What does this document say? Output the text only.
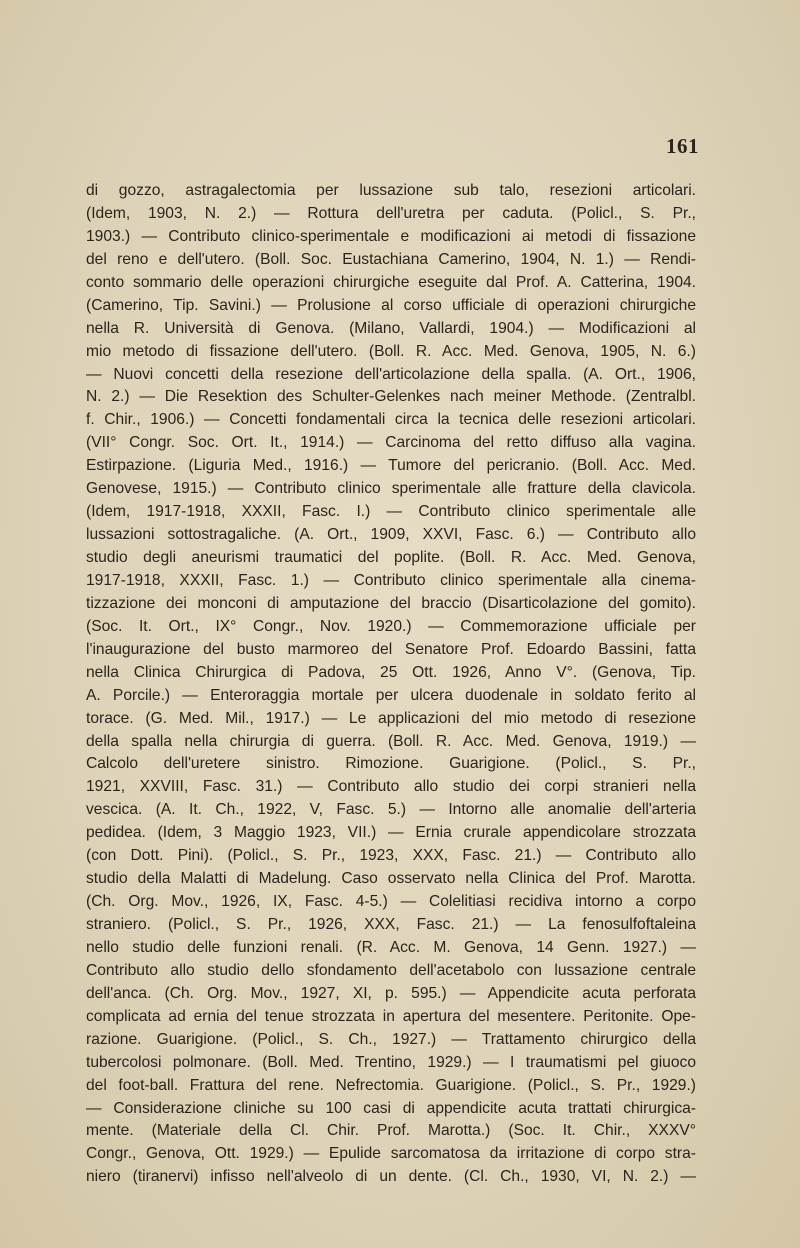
161
di gozzo, astragalectomia per lussazione sub talo, resezioni articolari.
(Idem, 1903, N. 2.) — Rottura dell'uretra per caduta. (Policl., S. Pr.,
1903.) — Contributo clinico-sperimentale e modificazioni ai metodi di fissazione
del reno e dell'utero. (Boll. Soc. Eustachiana Camerino, 1904, N. 1.) — Rendi-
conto sommario delle operazioni chirurgiche eseguite dal Prof. A. Catterina, 1904.
(Camerino, Tip. Savini.) — Prolusione al corso ufficiale di operazioni chirurgiche
nella R. Università di Genova. (Milano, Vallardi, 1904.) — Modificazioni al
mio metodo di fissazione dell'utero. (Boll. R. Acc. Med. Genova, 1905, N. 6.)
— Nuovi concetti della resezione dell'articolazione della spalla. (A. Ort., 1906,
N. 2.) — Die Resektion des Schulter-Gelenkes nach meiner Methode. (Zentralbl.
f. Chir., 1906.) — Concetti fondamentali circa la tecnica delle resezioni articolari.
(VII° Congr. Soc. Ort. It., 1914.) — Carcinoma del retto diffuso alla vagina.
Estirpazione. (Liguria Med., 1916.) — Tumore del pericranio. (Boll. Acc. Med.
Genovese, 1915.) — Contributo clinico sperimentale alle fratture della clavicola.
(Idem, 1917-1918, XXXII, Fasc. I.) — Contributo clinico sperimentale alle
lussazioni sottostragaliche. (A. Ort., 1909, XXVI, Fasc. 6.) — Contributo allo
studio degli aneurismi traumatici del poplite. (Boll. R. Acc. Med. Genova,
1917-1918, XXXII, Fasc. 1.) — Contributo clinico sperimentale alla cinema-
tizzazione dei monconi di amputazione del braccio (Disarticolazione del gomito).
(Soc. It. Ort., IX° Congr., Nov. 1920.) — Commemorazione ufficiale per
l'inaugurazione del busto marmoreo del Senatore Prof. Edoardo Bassini, fatta
nella Clinica Chirurgica di Padova, 25 Ott. 1926, Anno V°. (Genova, Tip.
A. Porcile.) — Enteroraggia mortale per ulcera duodenale in soldato ferito al
torace. (G. Med. Mil., 1917.) — Le applicazioni del mio metodo di resezione
della spalla nella chirurgia di guerra. (Boll. R. Acc. Med. Genova, 1919.) —
Calcolo dell'uretere sinistro. Rimozione. Guarigione. (Policl., S. Pr.,
1921, XXVIII, Fasc. 31.) — Contributo allo studio dei corpi stranieri nella
vescica. (A. It. Ch., 1922, V, Fasc. 5.) — Intorno alle anomalie dell'arteria
pedidea. (Idem, 3 Maggio 1923, VII.) — Ernia crurale appendicolare strozzata
(con Dott. Pini). (Policl., S. Pr., 1923, XXX, Fasc. 21.) — Contributo allo
studio della Malatti di Madelung. Caso osservato nella Clinica del Prof. Marotta.
(Ch. Org. Mov., 1926, IX, Fasc. 4-5.) — Colelitiasi recidiva intorno a corpo
straniero. (Policl., S. Pr., 1926, XXX, Fasc. 21.) — La fenosulfoftaleina
nello studio delle funzioni renali. (R. Acc. M. Genova, 14 Genn. 1927.) —
Contributo allo studio dello sfondamento dell'acetabolo con lussazione centrale
dell'anca. (Ch. Org. Mov., 1927, XI, p. 595.) — Appendicite acuta perforata
complicata ad ernia del tenue strozzata in apertura del mesentere. Peritonite. Ope-
razione. Guarigione. (Policl., S. Ch., 1927.) — Trattamento chirurgico della
tubercolosi polmonare. (Boll. Med. Trentino, 1929.) — I traumatismi pel giuoco
del foot-ball. Frattura del rene. Nefrectomia. Guarigione. (Policl., S. Pr., 1929.)
— Considerazione cliniche su 100 casi di appendicite acuta trattati chirurgica-
mente. (Materiale della Cl. Chir. Prof. Marotta.) (Soc. It. Chir., XXXV°
Congr., Genova, Ott. 1929.) — Epulide sarcomatosa da irritazione di corpo stra-
niero (tiranervi) infisso nell'alveolo di un dente. (Cl. Ch., 1930, VI, N. 2.) —
